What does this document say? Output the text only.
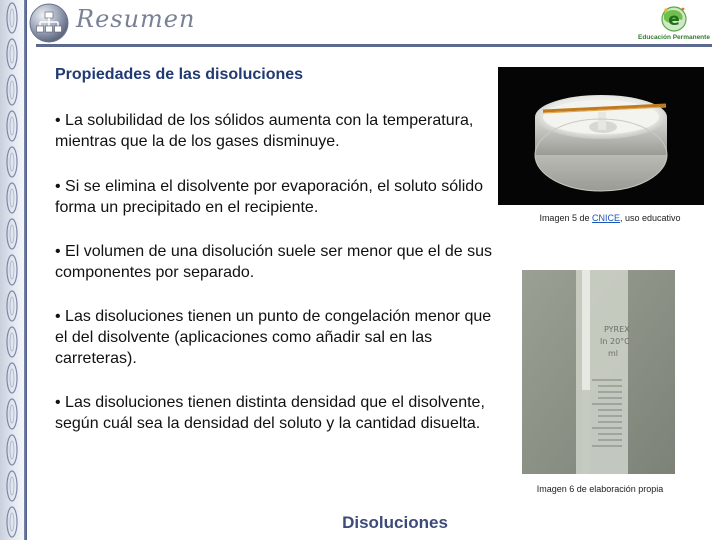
Resumen	e
Educación Permanente
Propiedades de las disoluciones
• La solubilidad de los sólidos aumenta con la temperatura, mientras que la de los gases disminuye.
• Si se elimina el disolvente por evaporación, el soluto sólido forma un precipitado en el recipiente.
• El volumen de una disolución suele ser menor que el de sus componentes por separado.
• Las disoluciones tienen un punto de congelación menor que el del disolvente (aplicaciones como añadir sal en las carreteras).
• Las disoluciones tienen distinta densidad que el disolvente, según cuál sea la densidad del soluto y la cantidad disuelta.
Imagen 5 de CNICE, uso educativo
PYREX
In 20°C
ml
Imagen 6 de elaboración propia
Disoluciones
